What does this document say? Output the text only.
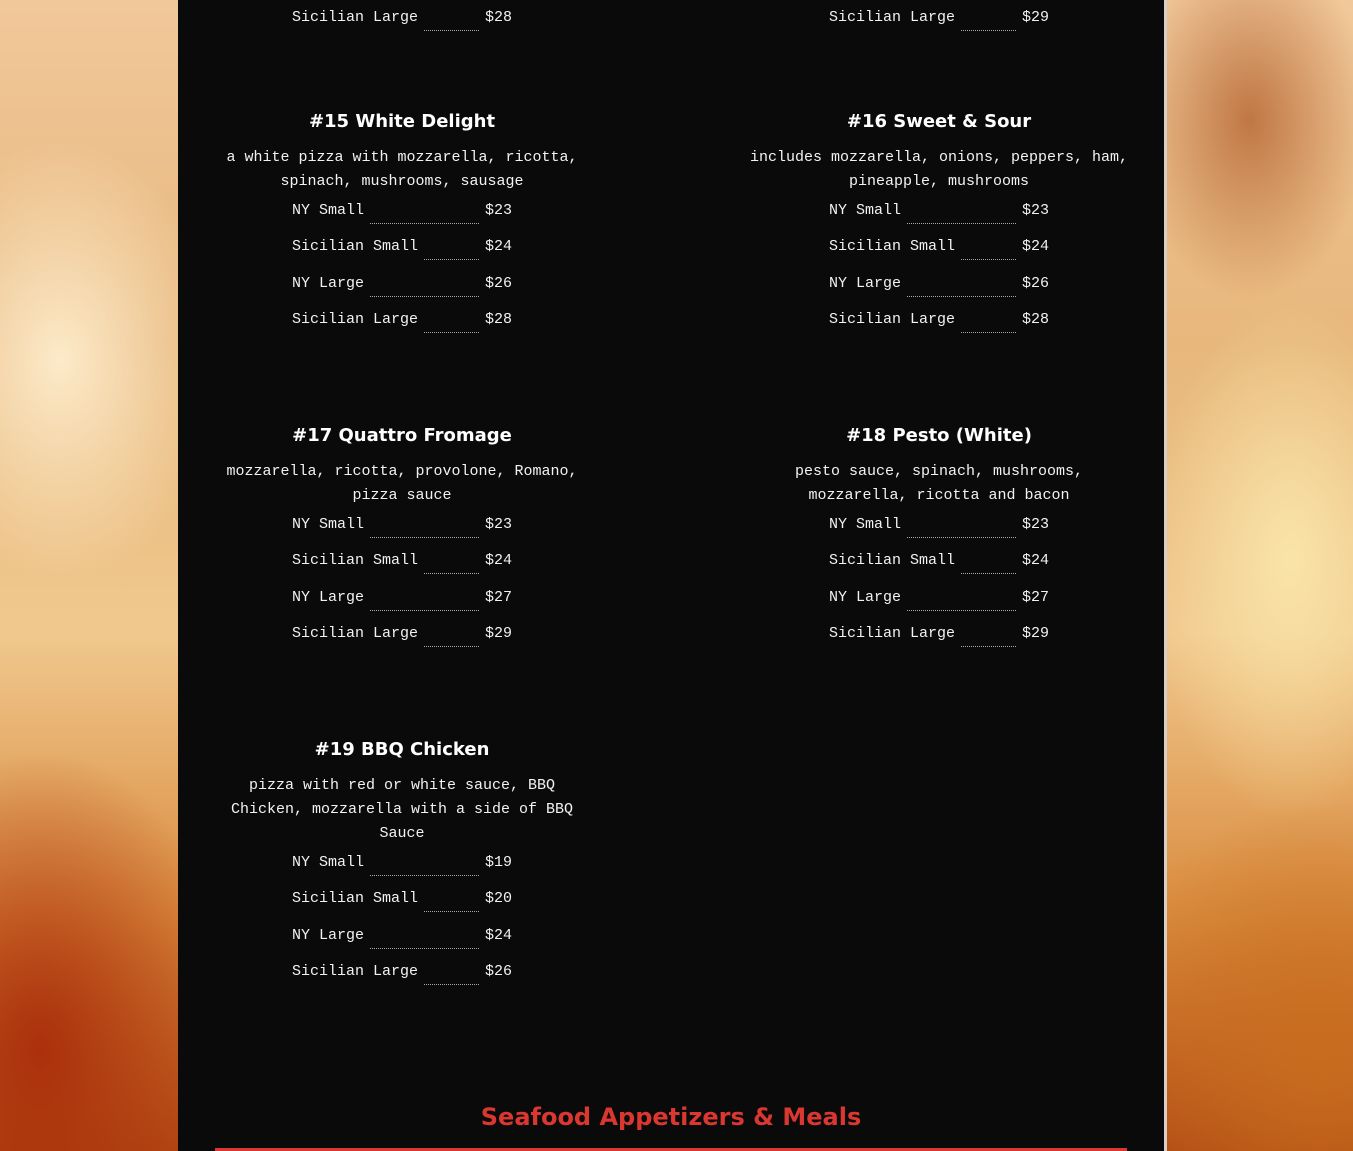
Sicilian Large	$28	Sicilian Large	$29
#15 White Delight
a white pizza with mozzarella, ricotta, spinach, mushrooms, sausage
NY Small	$23
Sicilian Small	$24
NY Large	$26
Sicilian Large	$28
#16 Sweet & Sour
includes mozzarella, onions, peppers, ham, pineapple, mushrooms
NY Small	$23
Sicilian Small	$24
NY Large	$26
Sicilian Large	$28
#17 Quattro Fromage
mozzarella, ricotta, provolone, Romano, pizza sauce
NY Small	$23
Sicilian Small	$24
NY Large	$27
Sicilian Large	$29
#18 Pesto (White)
pesto sauce, spinach, mushrooms, mozzarella, ricotta and bacon
NY Small	$23
Sicilian Small	$24
NY Large	$27
Sicilian Large	$29
#19 BBQ Chicken
pizza with red or white sauce, BBQ Chicken, mozzarella with a side of BBQ Sauce
NY Small	$19
Sicilian Small	$20
NY Large	$24
Sicilian Large	$26
Seafood Appetizers & Meals
